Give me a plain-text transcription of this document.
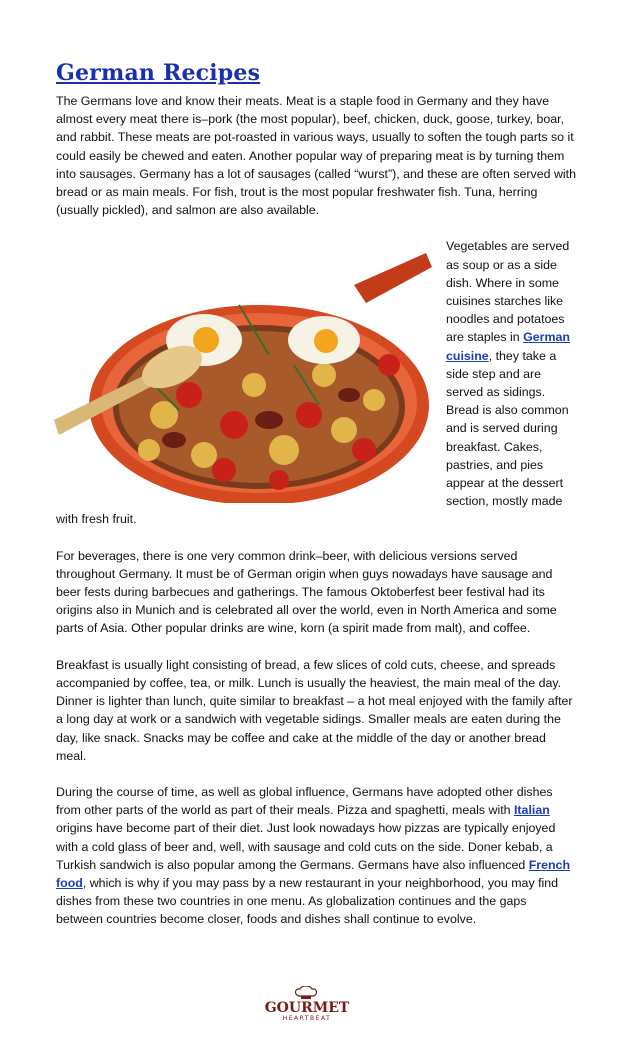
German Recipes

The Germans love and know their meats. Meat is a staple food in Germany and they have almost every meat there is–pork (the most popular), beef, chicken, duck, goose, turkey, boar, and rabbit. These meats are pot-roasted in various ways, usually to soften the tough parts so it could easily be chewed and eaten. Another popular way of preparing meat is by turning them into sausages. Germany has a lot of sausages (called “wurst”), and these are often served with bread or as main meals. For fish, trout is the most popular freshwater fish. Tuna, herring (usually pickled), and salmon are also available.

Vegetables are served as soup or as a side dish. Where in some cuisines starches like noodles and potatoes are staples in German cuisine, they take a side step and are served as sidings. Bread is also common and is served during breakfast. Cakes, pastries, and pies appear at the dessert section, mostly made with fresh fruit.

For beverages, there is one very common drink–beer, with delicious versions served throughout Germany. It must be of German origin when guys nowadays have sausage and beer fests during barbecues and gatherings. The famous Oktoberfest beer festival had its origins also in Munich and is celebrated all over the world, even in North America and some parts of Asia. Other popular drinks are wine, korn (a spirit made from malt), and coffee.

Breakfast is usually light consisting of bread, a few slices of cold cuts, cheese, and spreads accompanied by coffee, tea, or milk. Lunch is usually the heaviest, the main meal of the day. Dinner is lighter than lunch, quite similar to breakfast – a hot meal enjoyed with the family after a long day at work or a sandwich with vegetable sidings. Smaller meals are eaten during the day, like snack. Snacks may be coffee and cake at the middle of the day or another bread meal.

During the course of time, as well as global influence, Germans have adopted other dishes from other parts of the world as part of their meals. Pizza and spaghetti, meals with Italian origins have become part of their diet. Just look nowadays how pizzas are typically enjoyed with a cold glass of beer and, well, with sausage and cold cuts on the side. Doner kebab, a Turkish sandwich is also popular among the Germans. Germans have also influenced French food, which is why if you may pass by a new restaurant in your neighborhood, you may find dishes from these two countries in one menu. As globalization continues and the gaps between countries become closer, foods and dishes shall continue to evolve.

GOURMET
HEARTBEAT
